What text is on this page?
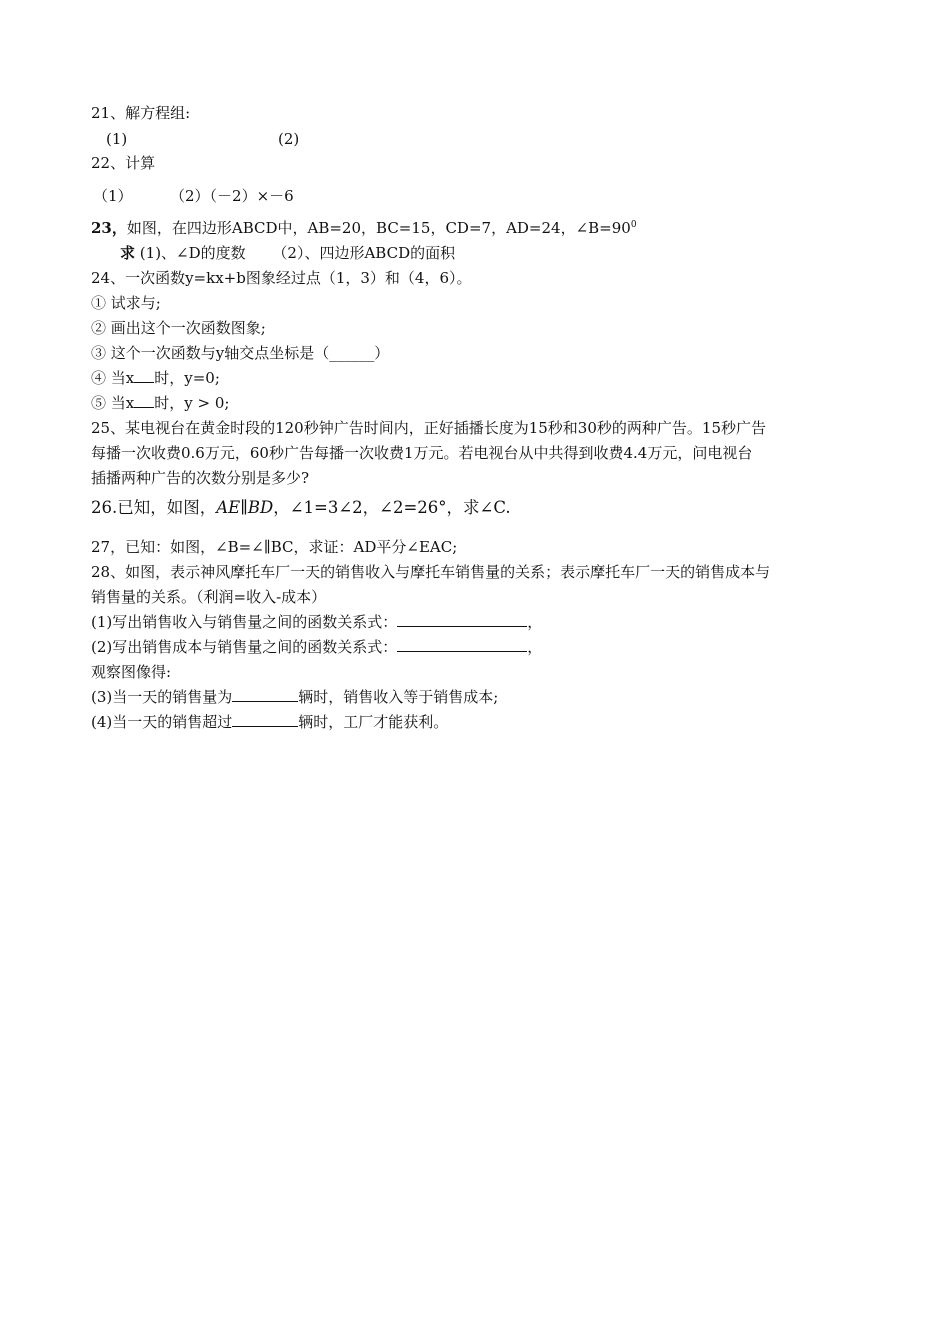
21、解方程组:
(1)	(2)
22、计算
（1） （2）（－2）×－6
23，如图，在四边形ABCD中，AB=20，BC=15，CD=7，AD=24，$\angle B=90^0$
求 (1)、∠D的度数 （2）、四边形ABCD的面积
24、一次函数y=kx+b图象经过点（1，3）和（4，6）。
① 试求与;
② 画出这个一次函数图象;
③ 这个一次函数与y轴交点坐标是（______）
④ 当x 时，y=0;
⑤ 当x 时，y > 0;
25、某电视台在黄金时段的120秒钟广告时间内，正好插播长度为15秒和30秒的两种广告。15秒广告
每播一次收费0.6万元，60秒广告每播一次收费1万元。若电视台从中共得到收费4.4万元，问电视台
插播两种广告的次数分别是多少?
26.已知，如图，AE∥BD，∠1=3∠2，∠2=26°，求∠C.
27，已知：如图，∠B=∠∥BC，求证：AD平分∠EAC;
28、如图，表示神风摩托车厂一天的销售收入与摩托车销售量的关系；表示摩托车厂一天的销售成本与
销售量的关系。（利润=收入-成本）
(1)写出销售收入与销售量之间的函数关系式：	，
(2)写出销售成本与销售量之间的函数关系式：	，
观察图像得:
(3)当一天的销售量为	辆时，销售收入等于销售成本;
(4)当一天的销售超过	辆时，工厂才能获利。
